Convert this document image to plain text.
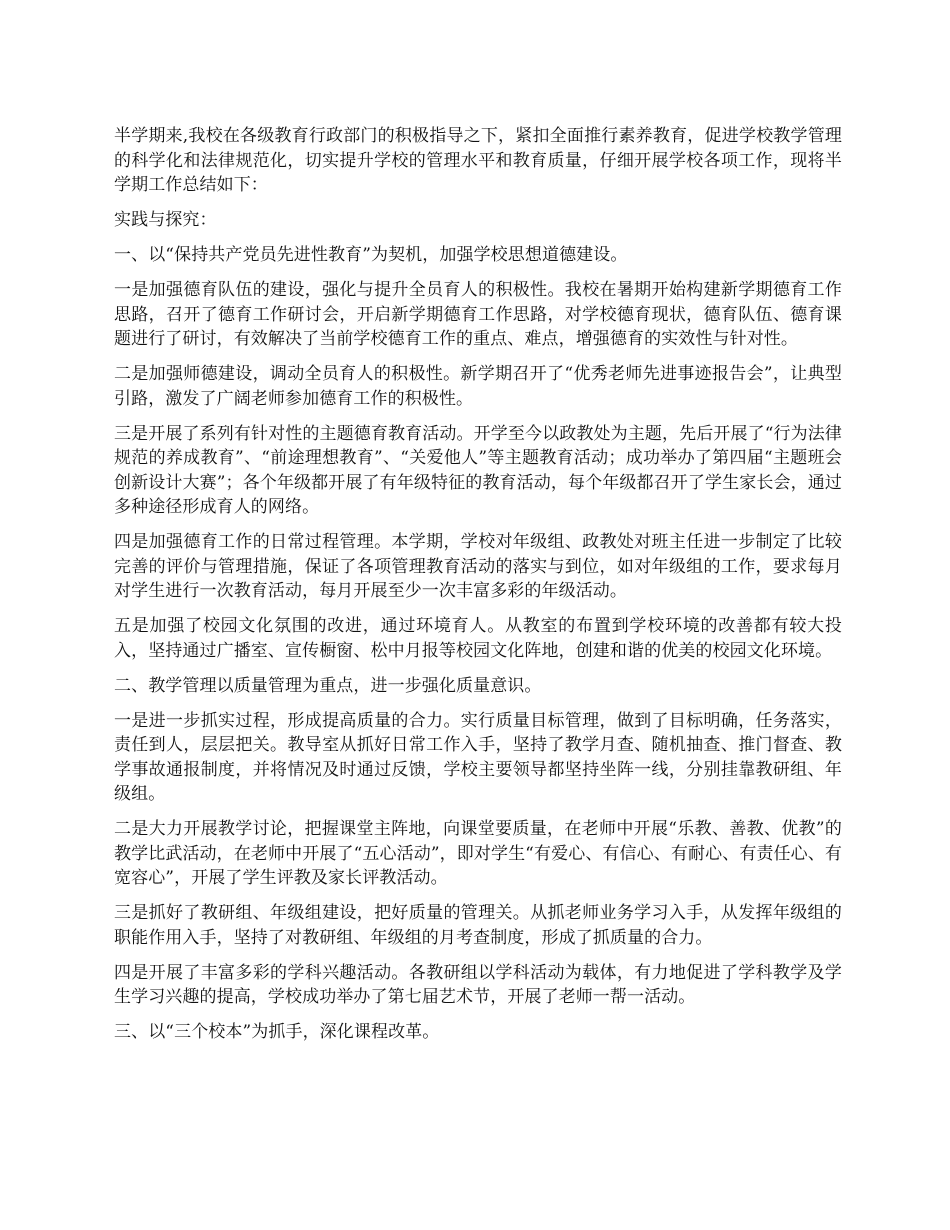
半学期来,我校在各级教育行政部门的积极指导之下，紧扣全面推行素养教育，促进学校教学管理的科学化和法律规范化，切实提升学校的管理水平和教育质量，仔细开展学校各项工作，现将半学期工作总结如下：

实践与探究：

一、以“保持共产党员先进性教育”为契机，加强学校思想道德建设。

一是加强德育队伍的建设，强化与提升全员育人的积极性。我校在暑期开始构建新学期德育工作思路，召开了德育工作研讨会，开启新学期德育工作思路，对学校德育现状，德育队伍、德育课题进行了研讨，有效解决了当前学校德育工作的重点、难点，增强德育的实效性与针对性。

二是加强师德建设，调动全员育人的积极性。新学期召开了“优秀老师先进事迹报告会”，让典型引路，激发了广阔老师参加德育工作的积极性。

三是开展了系列有针对性的主题德育教育活动。开学至今以政教处为主题，先后开展了“行为法律规范的养成教育”、“前途理想教育”、“关爱他人”等主题教育活动；成功举办了第四届“主题班会创新设计大赛”；各个年级都开展了有年级特征的教育活动，每个年级都召开了学生家长会，通过多种途径形成育人的网络。

四是加强德育工作的日常过程管理。本学期，学校对年级组、政教处对班主任进一步制定了比较完善的评价与管理措施，保证了各项管理教育活动的落实与到位，如对年级组的工作，要求每月对学生进行一次教育活动，每月开展至少一次丰富多彩的年级活动。

五是加强了校园文化氛围的改进，通过环境育人。从教室的布置到学校环境的改善都有较大投入，坚持通过广播室、宣传橱窗、松中月报等校园文化阵地，创建和谐的优美的校园文化环境。

二、教学管理以质量管理为重点，进一步强化质量意识。

一是进一步抓实过程，形成提高质量的合力。实行质量目标管理，做到了目标明确，任务落实，责任到人，层层把关。教导室从抓好日常工作入手，坚持了教学月查、随机抽查、推门督查、教学事故通报制度，并将情况及时通过反馈，学校主要领导都坚持坐阵一线，分别挂靠教研组、年级组。

二是大力开展教学讨论，把握课堂主阵地，向课堂要质量，在老师中开展“乐教、善教、优教”的教学比武活动，在老师中开展了“五心活动”，即对学生“有爱心、有信心、有耐心、有责任心、有宽容心”，开展了学生评教及家长评教活动。

三是抓好了教研组、年级组建设，把好质量的管理关。从抓老师业务学习入手，从发挥年级组的职能作用入手，坚持了对教研组、年级组的月考查制度，形成了抓质量的合力。

四是开展了丰富多彩的学科兴趣活动。各教研组以学科活动为载体，有力地促进了学科教学及学生学习兴趣的提高，学校成功举办了第七届艺术节，开展了老师一帮一活动。

三、以“三个校本”为抓手，深化课程改革。
